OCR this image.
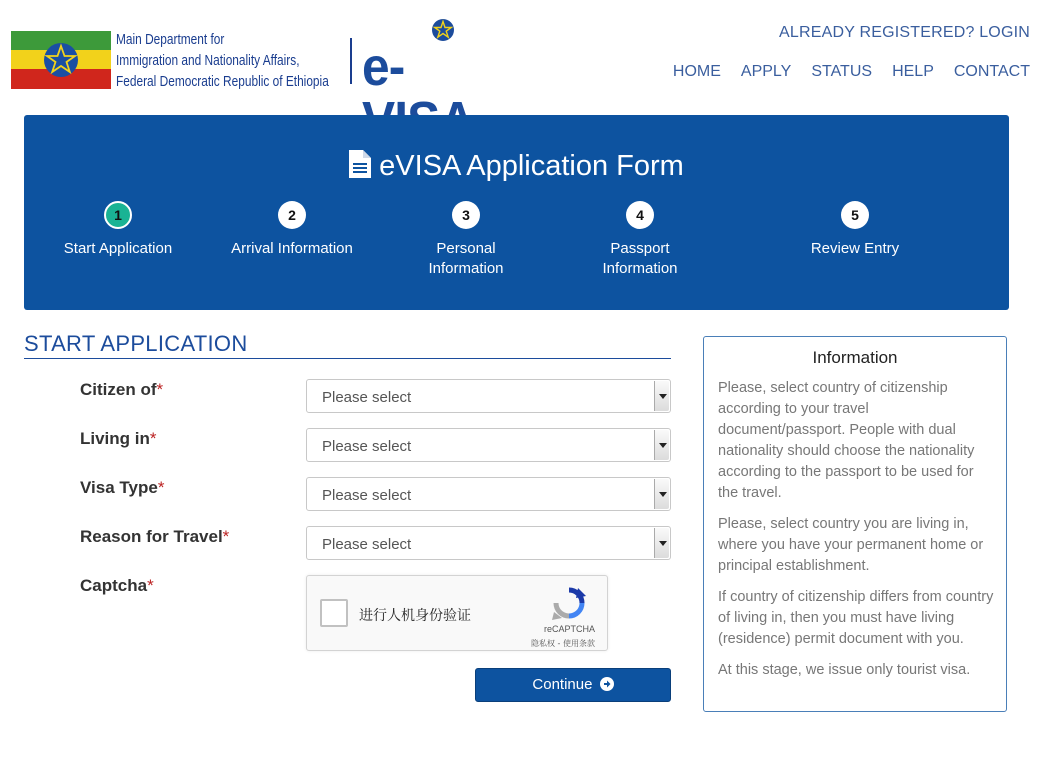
Main Department for
Immigration and Nationality Affairs,
Federal Democratic Republic of Ethiopia e-
ALREADY REGISTERED? LOGIN
HOME APPLY STATUS HELP CONTACT
eVISA Application Form
1
Start Application
2
Arrival Information
3
Personal Information
4
Passport Information
5
Review Entry
START APPLICATION
Citizen of*	Please select
Living in*	Please select
Visa Type*	Please select
Reason for Travel*	Please select
Captcha*
进行人机身份验证
reCAPTCHA
隐私权 - 使用条款
Continue
Information

Please, select country of citizenship according to your travel document/passport. People with dual nationality should choose the nationality according to the passport to be used for the travel.

Please, select country you are living in, where you have your permanent home or principal establishment.

If country of citizenship differs from country of living in, then you must have living (residence) permit document with you.

At this stage, we issue only tourist visa.
